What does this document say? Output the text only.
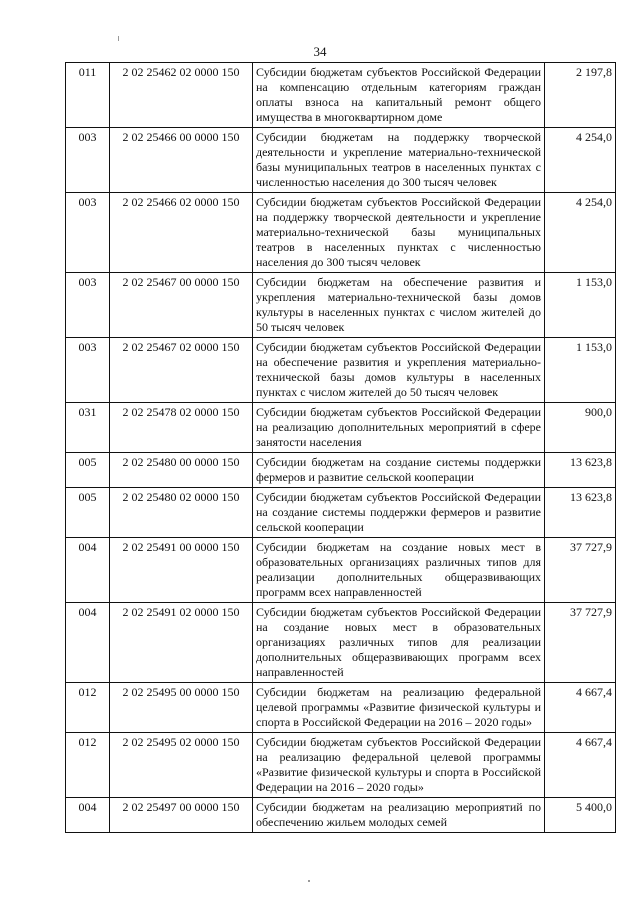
34
011	2 02 25462 02 0000 150	Субсидии бюджетам субъектов Российской Федерации на компенсацию отдельным категориям граждан оплаты взноса на капитальный ремонт общего имущества в многоквартирном доме	2 197,8
003	2 02 25466 00 0000 150	Субсидии бюджетам на поддержку творческой деятельности и укрепление материально-технической базы муниципальных театров в населенных пунктах с численностью населения до 300 тысяч человек	4 254,0
003	2 02 25466 02 0000 150	Субсидии бюджетам субъектов Российской Федерации на поддержку творческой деятельности и укрепление материально-технической базы муниципальных театров в населенных пунктах с численностью населения до 300 тысяч человек	4 254,0
003	2 02 25467 00 0000 150	Субсидии бюджетам на обеспечение развития и укрепления материально-технической базы домов культуры в населенных пунктах с числом жителей до 50 тысяч человек	1 153,0
003	2 02 25467 02 0000 150	Субсидии бюджетам субъектов Российской Федерации на обеспечение развития и укрепления материально-технической базы домов культуры в населенных пунктах с числом жителей до 50 тысяч человек	1 153,0
031	2 02 25478 02 0000 150	Субсидии бюджетам субъектов Российской Федерации на реализацию дополнительных мероприятий в сфере занятости населения	900,0
005	2 02 25480 00 0000 150	Субсидии бюджетам на создание системы поддержки фермеров и развитие сельской кооперации	13 623,8
005	2 02 25480 02 0000 150	Субсидии бюджетам субъектов Российской Федерации на создание системы поддержки фермеров и развитие сельской кооперации	13 623,8
004	2 02 25491 00 0000 150	Субсидии бюджетам на создание новых мест в образовательных организациях различных типов для реализации дополнительных общеразвивающих программ всех направленностей	37 727,9
004	2 02 25491 02 0000 150	Субсидии бюджетам субъектов Российской Федерации на создание новых мест в образовательных организациях различных типов для реализации дополнительных общеразвивающих программ всех направленностей	37 727,9
012	2 02 25495 00 0000 150	Субсидии бюджетам на реализацию федеральной целевой программы «Развитие физической культуры и спорта в Российской Федерации на 2016 – 2020 годы»	4 667,4
012	2 02 25495 02 0000 150	Субсидии бюджетам субъектов Российской Федерации на реализацию федеральной целевой программы «Развитие физической культуры и спорта в Российской Федерации на 2016 – 2020 годы»	4 667,4
004	2 02 25497 00 0000 150	Субсидии бюджетам на реализацию мероприятий по обеспечению жильем молодых семей	5 400,0
